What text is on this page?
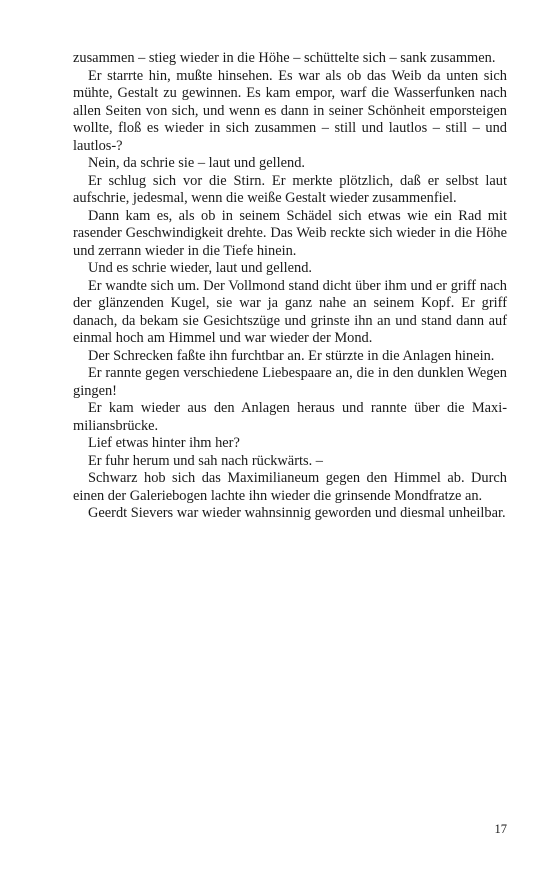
zusammen – stieg wieder in die Höhe – schüttelte sich – sank zusammen.

Er starrte hin, mußte hinsehen. Es war als ob das Weib da unten sich mühte, Gestalt zu gewinnen. Es kam empor, warf die Wasserfunken nach allen Seiten von sich, und wenn es dann in seiner Schönheit emporsteigen wollte, floß es wieder in sich zusammen – still und lautlos – still – und lautlos-?

Nein, da schrie sie – laut und gellend.

Er schlug sich vor die Stirn. Er merkte plötzlich, daß er selbst laut aufschrie, jedesmal, wenn die weiße Gestalt wieder zusammenfiel.

Dann kam es, als ob in seinem Schädel sich etwas wie ein Rad mit rasender Geschwindigkeit drehte. Das Weib reckte sich wieder in die Höhe und zerrann wieder in die Tiefe hinein.

Und es schrie wieder, laut und gellend.

Er wandte sich um. Der Vollmond stand dicht über ihm und er griff nach der glänzenden Kugel, sie war ja ganz nahe an seinem Kopf. Er griff danach, da bekam sie Gesichtszüge und grinste ihn an und stand dann auf einmal hoch am Himmel und war wieder der Mond.

Der Schrecken faßte ihn furchtbar an. Er stürzte in die Anlagen hinein.

Er rannte gegen verschiedene Liebespaare an, die in den dunklen Wegen gingen!

Er kam wieder aus den Anlagen heraus und rannte über die Maximiliansbrücke.

Lief etwas hinter ihm her?

Er fuhr herum und sah nach rückwärts. –

Schwarz hob sich das Maximilianeum gegen den Himmel ab. Durch einen der Galeriebogen lachte ihn wieder die grinsende Mondfratze an.

Geerdt Sievers war wieder wahnsinnig geworden und diesmal unheilbar.

17
